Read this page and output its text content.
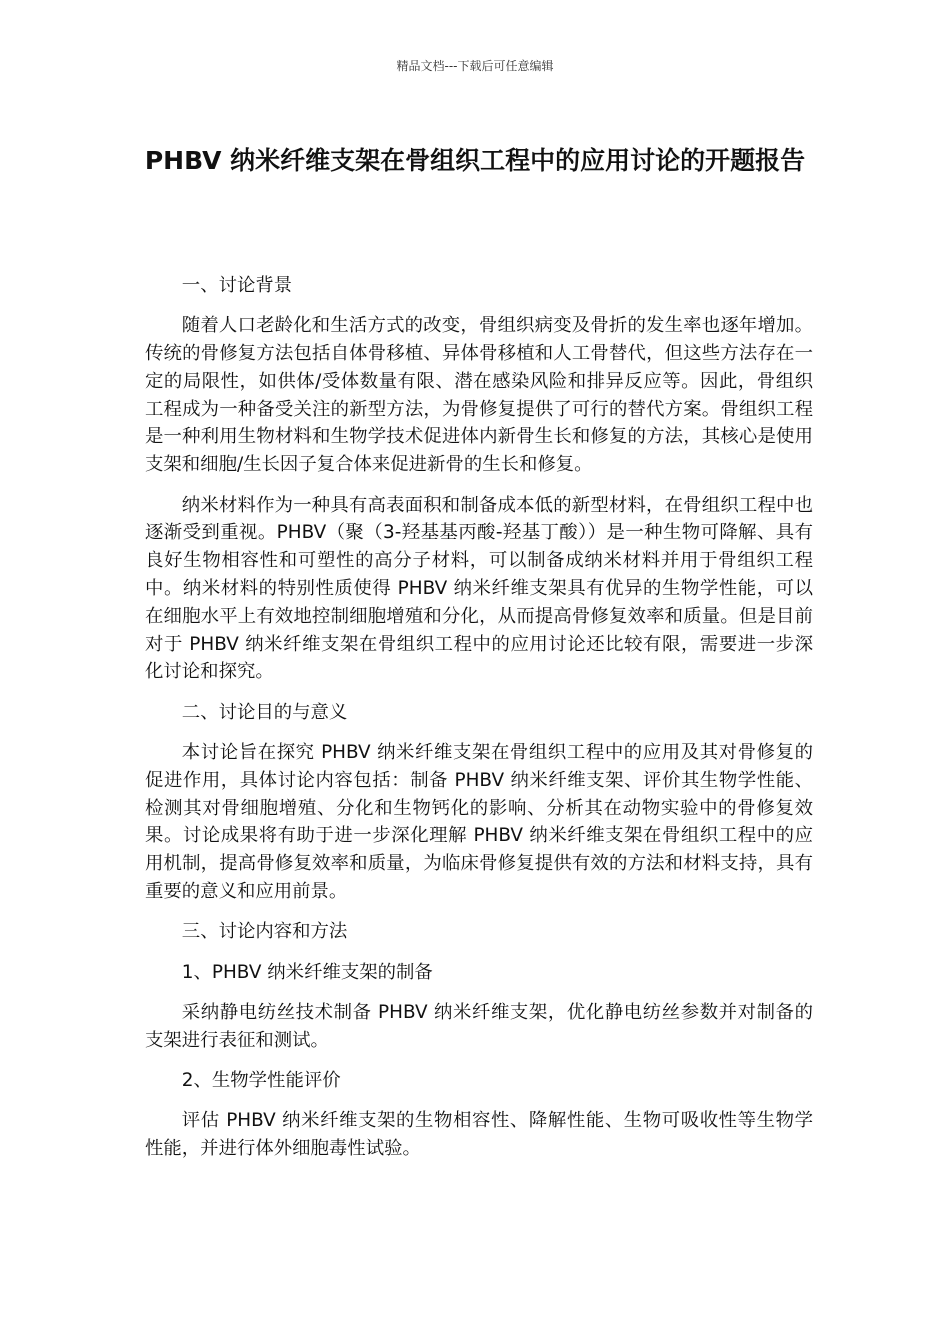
精品文档---下载后可任意编辑
PHBV 纳米纤维支架在骨组织工程中的应用讨论的开题报告

一、讨论背景

随着人口老龄化和生活方式的改变，骨组织病变及骨折的发生率也逐年增加。传统的骨修复方法包括自体骨移植、异体骨移植和人工骨替代，但这些方法存在一定的局限性，如供体/受体数量有限、潜在感染风险和排异反应等。因此，骨组织工程成为一种备受关注的新型方法，为骨修复提供了可行的替代方案。骨组织工程是一种利用生物材料和生物学技术促进体内新骨生长和修复的方法，其核心是使用支架和细胞/生长因子复合体来促进新骨的生长和修复。

纳米材料作为一种具有高表面积和制备成本低的新型材料，在骨组织工程中也逐渐受到重视。PHBV（聚（3-羟基基丙酸-羟基丁酸））是一种生物可降解、具有良好生物相容性和可塑性的高分子材料，可以制备成纳米材料并用于骨组织工程中。纳米材料的特别性质使得 PHBV 纳米纤维支架具有优异的生物学性能，可以在细胞水平上有效地控制细胞增殖和分化，从而提高骨修复效率和质量。但是目前对于 PHBV 纳米纤维支架在骨组织工程中的应用讨论还比较有限，需要进一步深化讨论和探究。

二、讨论目的与意义

本讨论旨在探究 PHBV 纳米纤维支架在骨组织工程中的应用及其对骨修复的促进作用，具体讨论内容包括：制备 PHBV 纳米纤维支架、评价其生物学性能、检测其对骨细胞增殖、分化和生物钙化的影响、分析其在动物实验中的骨修复效果。讨论成果将有助于进一步深化理解 PHBV 纳米纤维支架在骨组织工程中的应用机制，提高骨修复效率和质量，为临床骨修复提供有效的方法和材料支持，具有重要的意义和应用前景。

三、讨论内容和方法

1、PHBV 纳米纤维支架的制备

采纳静电纺丝技术制备 PHBV 纳米纤维支架，优化静电纺丝参数并对制备的支架进行表征和测试。

2、生物学性能评价

评估 PHBV 纳米纤维支架的生物相容性、降解性能、生物可吸收性等生物学性能，并进行体外细胞毒性试验。
